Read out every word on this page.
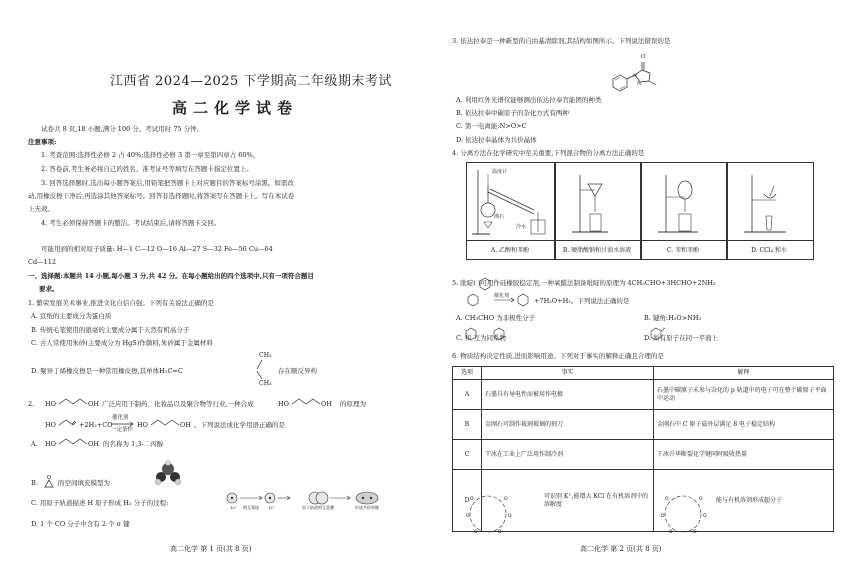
江西省 2024—2025 下学期高二年级期末考试
高二化学试卷
试卷共 8 页,18 小题,满分 100 分。考试用时 75 分钟。
注意事项:
1. 考查范围:选择性必修 2 占 40%;选择性必修 3 第一章至第四章占 60%。
2. 答卷前,考生务必将自己的姓名、准考证号等填写在答题卡指定位置上。
3. 回答选择题时,选出每小题答案后,用铅笔把答题卡上对应题目的答案标号涂黑。如需改
动,用橡皮擦干净后,再选涂其他答案标号。回答非选择题时,将答案写在答题卡上。写在本试卷
上无效。
4. 考生必须保持答题卡的整洁。考试结束后,请将答题卡交回。
可能用到的相对原子质量: H—1 C—12 O—16 Al—27 S—32 Fe—56 Cu—64
Cd—112
一、选择题:本题共 14 小题,每小题 3 分,共 42 分。在每小题给出的四个选项中,只有一项符合题目
要求。
1. 繁荣发展美术事业,推进文化自信自强。下列有关说法正确的是
A. 宣纸的主要成分为蛋白质
B. 传统毛笔使用的狼毫的主要成分属于天然有机高分子
C. 古人常使用朱砂(主要成分为 HgS)作颜料,朱砂属于金属材料
CH₃
D. 聚异丁烯橡皮擦是一种常用橡皮擦,其单体H₂C=C
CH₃
存在顺反异构
2. HO	OH 广泛应用于制药、化妆品以及聚合物等行业,一种合成	HO	OH 的原理为
HO	+2H₂+CO
催化剂
一定条件
HO	OH 。下列说法或化学用语正确的是
A. HO	OH 的名称为 1,3-二丙醇
B.
O
的空间填充模型为
C. 用原子轨道描述 H 原子形成 H₂ 分子的过程:
1s¹ 相互靠拢 1s¹	原子轨道相互重叠	形成共价单键
D. 1 个 CO 分子中含有 2 个 σ 键
高二化学 第 1 页(共 8 页)
3. 依达拉奉是一种新型的自由基清除剂,其结构如图所示。下列说法错误的是
O
N
N
A. 利用红外光谱仪能够测出依达拉奉官能团的种类
B. 依达拉奉中碳原子的杂化方式有两种
C. 第一电离能:N>O>C
D. 依达拉奉晶体为共价晶体
4. 分离方法在化学研究中至关重要,下列混合物的分离方法正确的是
温度计
沸石
冷水
A. 乙醇和苯酚	B. 硬脂酸钠和甘油水溶液	C. 苯和苯酚	D. CCl₄ 和水
5. 吡啶( )可用作硅橡胶稳定剂,一种氧醛法制备吡啶的原理为 4CH₃CHO+3HCHO+2NH₃
催化剂
+7H₂O+H₂。下列说法正确的是
A. CH₃CHO 为非极性分子	B. 键角:H₂O>NH₃
C. 和 互为同系物	D. 所有原子在同一平面上
6. 物质结构决定性质,进而影响用途。下列对于事实的解释正确且合理的是
选项	事实	解释
A	石墨具有导电性而被用作电极	石墨中碳原子未参与杂化的 p 轨道中的电子可在整个碳原子平面中运动
B	金刚石可制作裁割玻璃的刻刀	金刚石中 C 原子最外层满足 8 电子稳定结构
C	干冰在工业上广泛用作制冷剂	干冰升华断裂化学键同时吸收热量
D	可识别 K⁺,能增大 KCl 在有机溶剂中的溶解度	能与有机溶剂形成超分子
O	O
O	O
O	O
O	O
O	O
O	O
高二化学 第 2 页(共 8 页)
